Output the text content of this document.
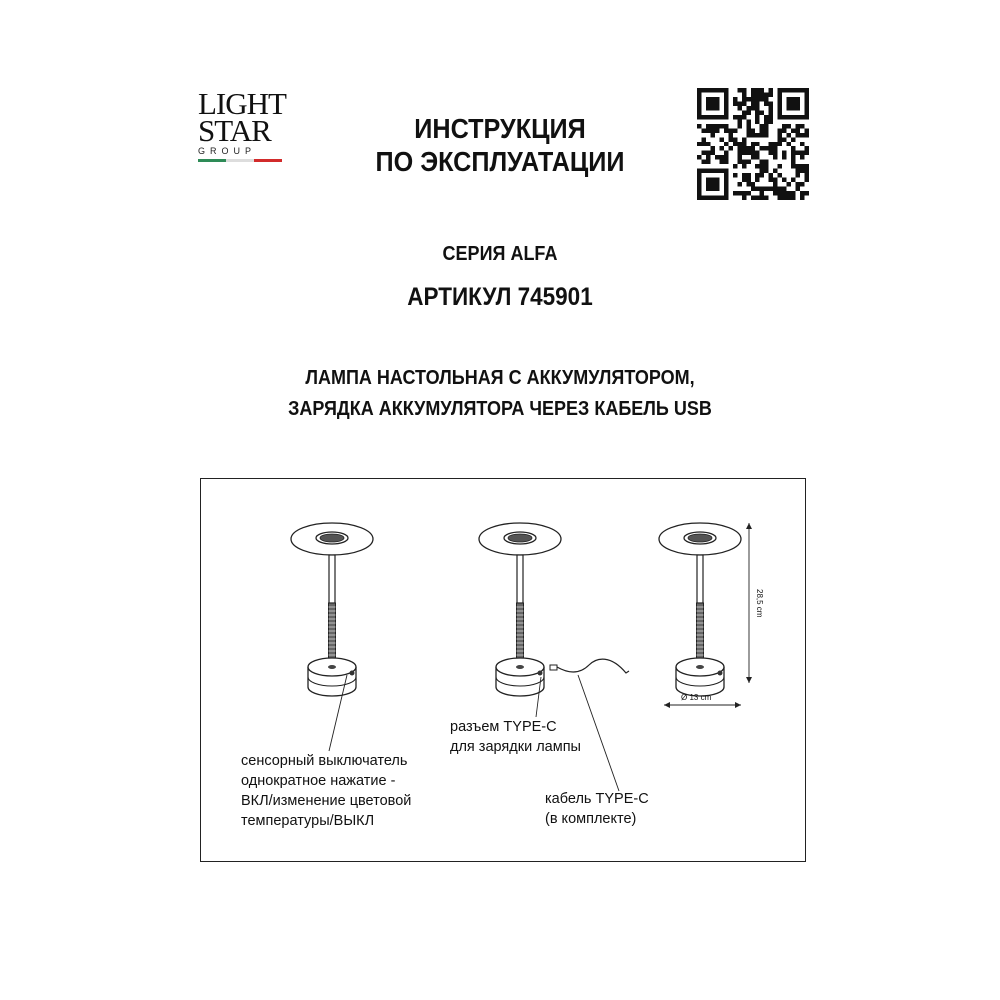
LIGHT
STAR
GROUP
ИНСТРУКЦИЯ
ПО ЭКСПЛУАТАЦИИ
СЕРИЯ ALFA
АРТИКУЛ 745901
ЛАМПА НАСТОЛЬНАЯ С АККУМУЛЯТОРОМ,
ЗАРЯДКА АККУМУЛЯТОРА ЧЕРЕЗ КАБЕЛЬ USB
28,5 cm
Ø 13 cm
разъем TYPE-C
для зарядки лампы
сенсорный выключатель
однократное нажатие -
ВКЛ/изменение цветовой
температуры/ВЫКЛ
кабель TYPE-C
(в комплекте)
